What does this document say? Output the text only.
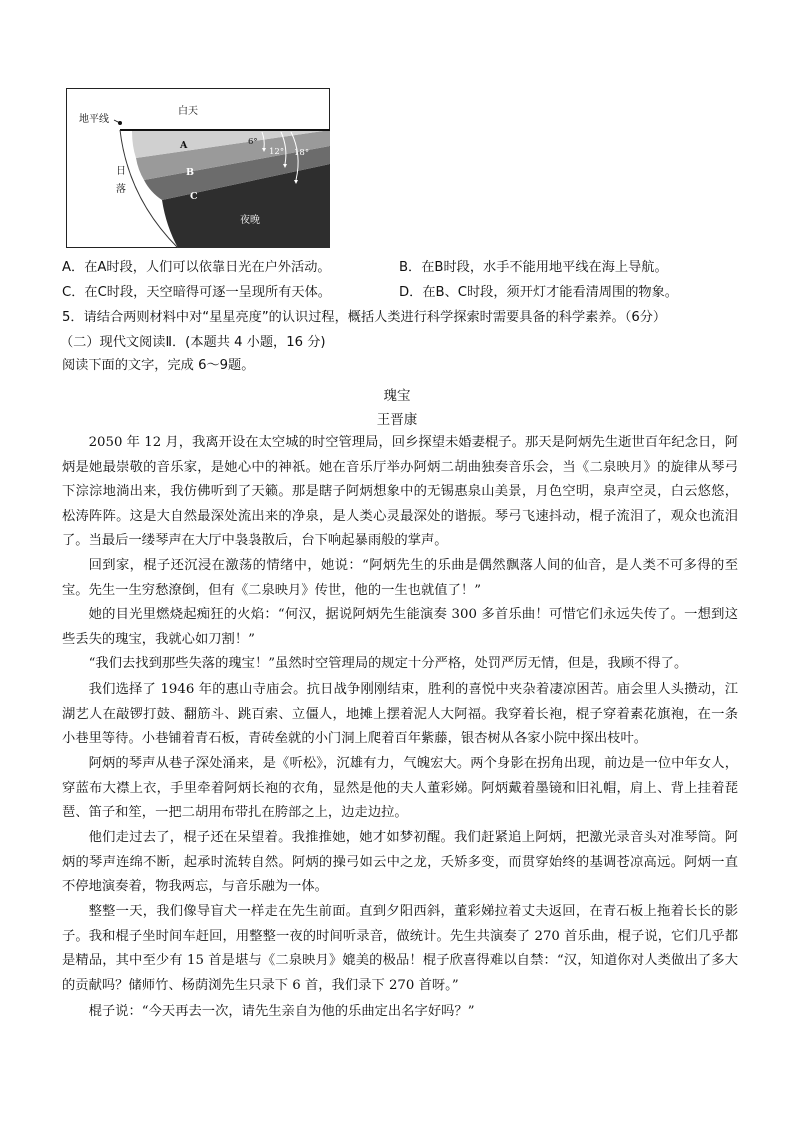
白天
地平线
日
落
A
B
C
夜晚
6°
12° 18°
A．在A时段，人们可以依靠日光在户外活动。	B．在B时段，水手不能用地平线在海上导航。
C．在C时段，天空暗得可逐一呈现所有天体。	D．在B、C时段，须开灯才能看清周围的物象。
5．请结合两则材料中对“星星亮度”的认识过程，概括人类进行科学探索时需要具备的科学素养。（6分）
（二）现代文阅读Ⅱ．(本题共 4 小题，16 分)
阅读下面的文字，完成 6～9题。
瑰宝
王晋康
2050 年 12 月，我离开设在太空城的时空管理局，回乡探望未婚妻棍子。那天是阿炳先生逝世百年纪念日，阿炳是她最崇敬的音乐家，是她心中的神祇。她在音乐厅举办阿炳二胡曲独奏音乐会，当《二泉映月》的旋律从琴弓下淙淙地淌出来，我仿佛听到了天籁。那是瞎子阿炳想象中的无锡惠泉山美景，月色空明，泉声空灵，白云悠悠，松涛阵阵。这是大自然最深处流出来的净泉，是人类心灵最深处的谐振。琴弓飞速抖动，棍子流泪了，观众也流泪了。当最后一缕琴声在大厅中袅袅散后，台下响起暴雨般的掌声。
回到家，棍子还沉浸在激荡的情绪中，她说：“阿炳先生的乐曲是偶然飘落人间的仙音，是人类不可多得的至宝。先生一生穷愁潦倒，但有《二泉映月》传世，他的一生也就值了！”
她的目光里燃烧起痴狂的火焰：“何汉，据说阿炳先生能演奏 300 多首乐曲！可惜它们永远失传了。一想到这些丢失的瑰宝，我就心如刀割！”
“我们去找到那些失落的瑰宝！”虽然时空管理局的规定十分严格，处罚严厉无情，但是，我顾不得了。
我们选择了 1946 年的惠山寺庙会。抗日战争刚刚结束，胜利的喜悦中夹杂着凄凉困苦。庙会里人头攒动，江湖艺人在敲锣打鼓、翻筋斗、跳百索、立僵人，地摊上摆着泥人大阿福。我穿着长袍，棍子穿着素花旗袍，在一条小巷里等待。小巷铺着青石板，青砖垒就的小门洞上爬着百年紫藤，银杏树从各家小院中探出枝叶。
阿炳的琴声从巷子深处涌来，是《听松》，沉雄有力，气魄宏大。两个身影在拐角出现，前边是一位中年女人，穿蓝布大襟上衣，手里牵着阿炳长袍的衣角，显然是他的夫人董彩娣。阿炳戴着墨镜和旧礼帽，肩上、背上挂着琵琶、笛子和笙，一把二胡用布带扎在胯部之上，边走边拉。
他们走过去了，棍子还在呆望着。我推推她，她才如梦初醒。我们赶紧追上阿炳，把激光录音头对准琴筒。阿炳的琴声连绵不断，起承时流转自然。阿炳的操弓如云中之龙，夭矫多变，而贯穿始终的基调苍凉高远。阿炳一直不停地演奏着，物我两忘，与音乐融为一体。
整整一天，我们像导盲犬一样走在先生前面。直到夕阳西斜，董彩娣拉着丈夫返回，在青石板上拖着长长的影子。我和棍子坐时间车赶回，用整整一夜的时间听录音，做统计。先生共演奏了 270 首乐曲，棍子说，它们几乎都是精品，其中至少有 15 首是堪与《二泉映月》媲美的极品！棍子欣喜得难以自禁：“汉，知道你对人类做出了多大的贡献吗？储师竹、杨荫浏先生只录下 6 首，我们录下 270 首呀。”
棍子说：“今天再去一次，请先生亲自为他的乐曲定出名字好吗？”
